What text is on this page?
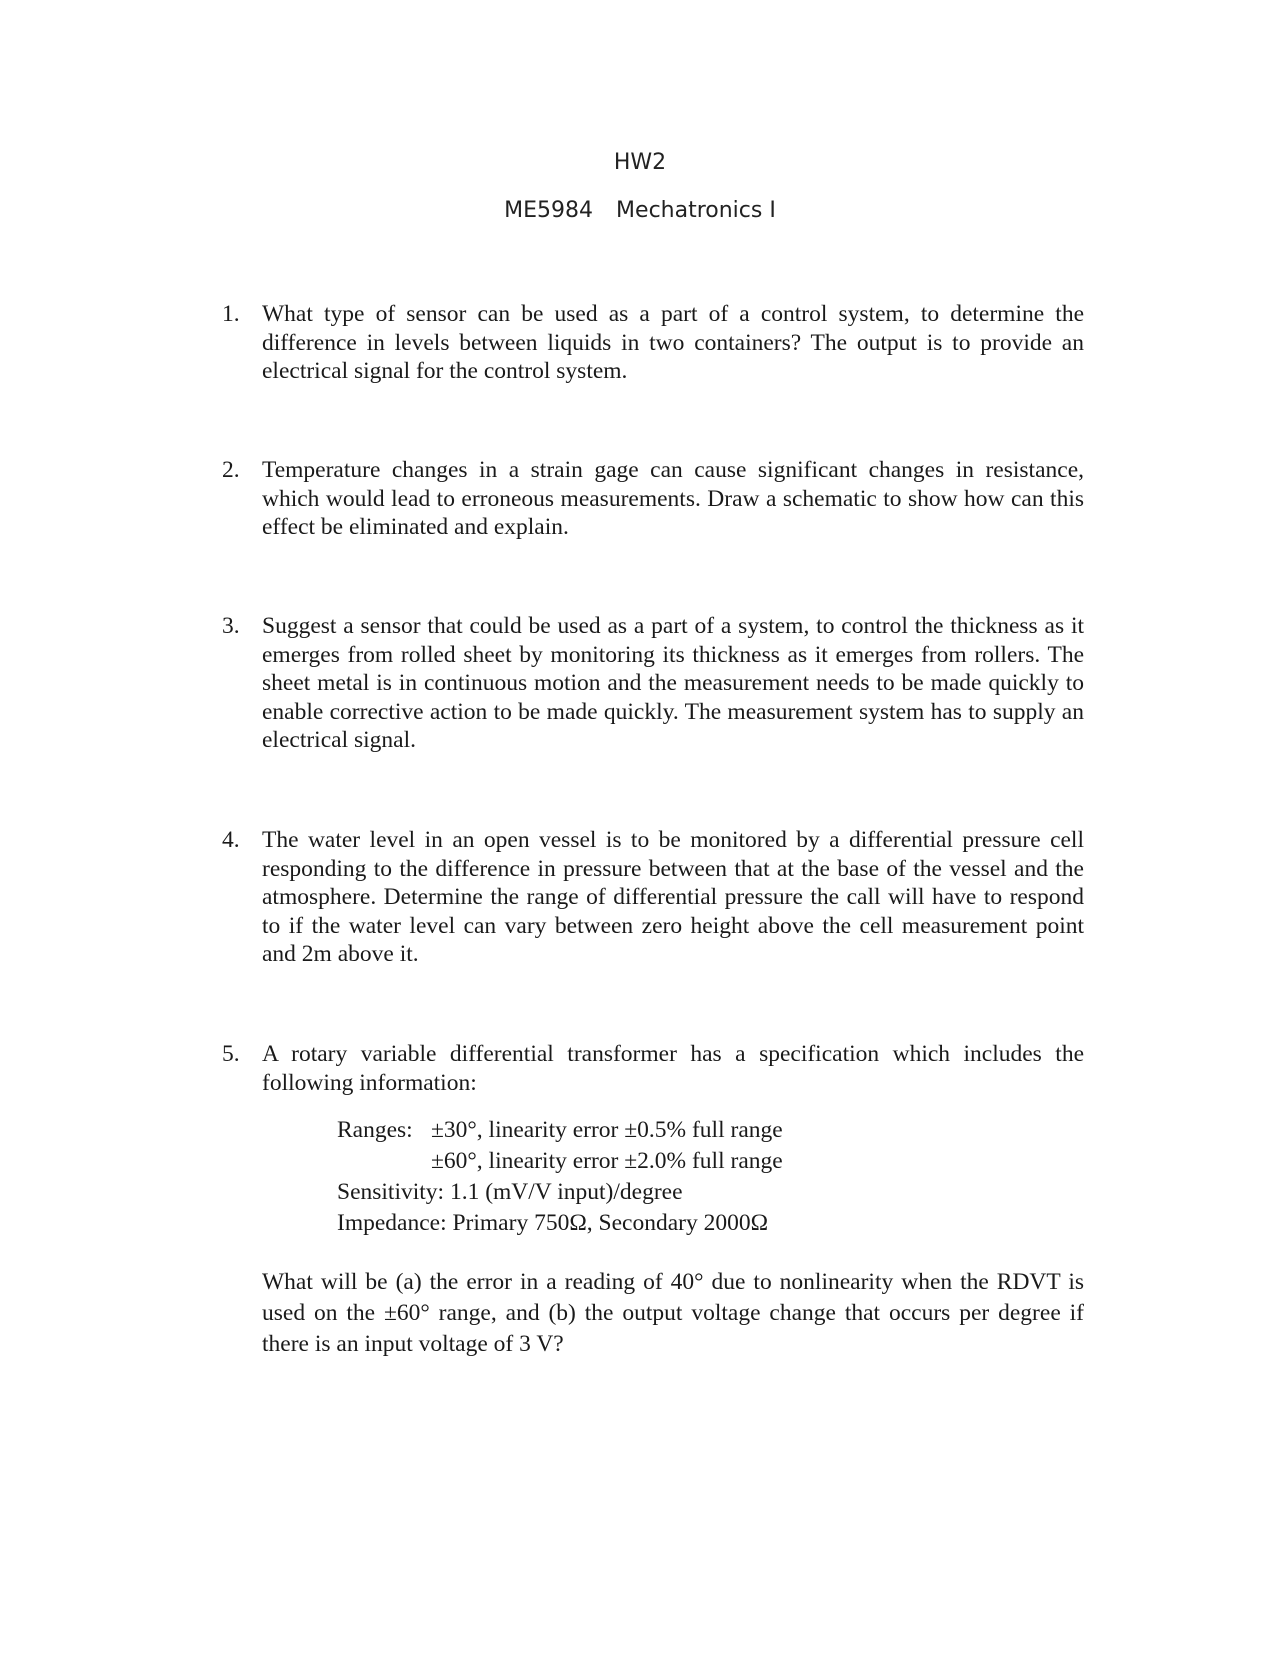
HW2
ME5984 Mechatronics I
1. What type of sensor can be used as a part of a control system, to determine the difference in levels between liquids in two containers? The output is to provide an electrical signal for the control system.
2. Temperature changes in a strain gage can cause significant changes in resistance, which would lead to erroneous measurements. Draw a schematic to show how can this effect be eliminated and explain.
3. Suggest a sensor that could be used as a part of a system, to control the thickness as it emerges from rolled sheet by monitoring its thickness as it emerges from rollers. The sheet metal is in continuous motion and the measurement needs to be made quickly to enable corrective action to be made quickly. The measurement system has to supply an electrical signal.
4. The water level in an open vessel is to be monitored by a differential pressure cell responding to the difference in pressure between that at the base of the vessel and the atmosphere. Determine the range of differential pressure the call will have to respond to if the water level can vary between zero height above the cell measurement point and 2m above it.
5. A rotary variable differential transformer has a specification which includes the following information:
Ranges: ±30°, linearity error ±0.5% full range
±60°, linearity error ±2.0% full range
Sensitivity: 1.1 (mV/V input)/degree
Impedance: Primary 750Ω, Secondary 2000Ω
What will be (a) the error in a reading of 40° due to nonlinearity when the RDVT is used on the ±60° range, and (b) the output voltage change that occurs per degree if there is an input voltage of 3 V?
